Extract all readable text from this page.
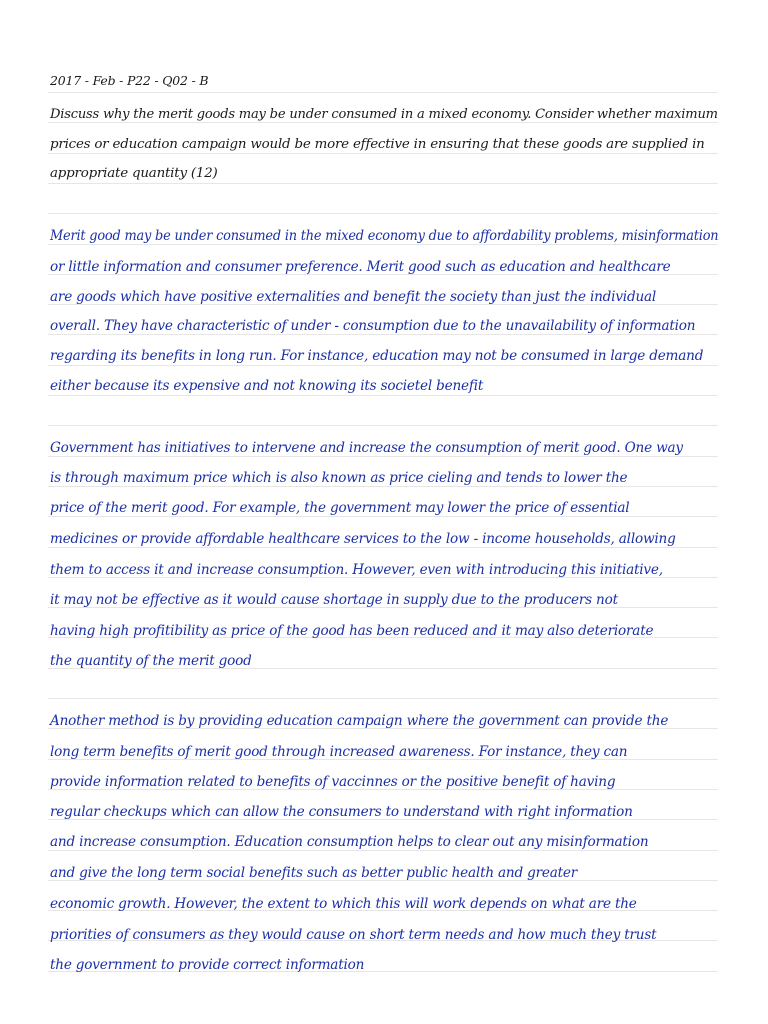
2017 - Feb - P22 - Q02 - B
Discuss why the merit goods may be under consumed in a mixed economy. Consider whether maximum
prices or education campaign would be more effective in ensuring that these goods are supplied in
appropriate quantity (12)
Merit good may be under consumed in the mixed economy due to affordability problems, misinformation
or little information and consumer preference. Merit good such as education and healthcare
are goods which have positive externalities and benefit the society than just the individual
overall. They have characteristic of under - consumption due to the unavailability of information
regarding its benefits in long run. For instance, education may not be consumed in large demand
either because its expensive and not knowing its societel benefit
Government has initiatives to intervene and increase the consumption of merit good. One way
is through maximum price which is also known as price cieling and tends to lower the
price of the merit good. For example, the government may lower the price of essential
medicines or provide affordable healthcare services to the low - income households, allowing
them to access it and increase consumption. However, even with introducing this initiative,
it may not be effective as it would cause shortage in supply due to the producers not
having high profitibility as price of the good has been reduced and it may also deteriorate
the quantity of the merit good
Another method is by providing education campaign where the government can provide the
long term benefits of merit good through increased awareness. For instance, they can
provide information related to benefits of vaccinnes or the positive benefit of having
regular checkups which can allow the consumers to understand with right information
and increase consumption. Education consumption helps to clear out any misinformation
and give the long term social benefits such as better public health and greater
economic growth. However, the extent to which this will work depends on what are the
priorities of consumers as they would cause on short term needs and how much they trust
the government to provide correct information
